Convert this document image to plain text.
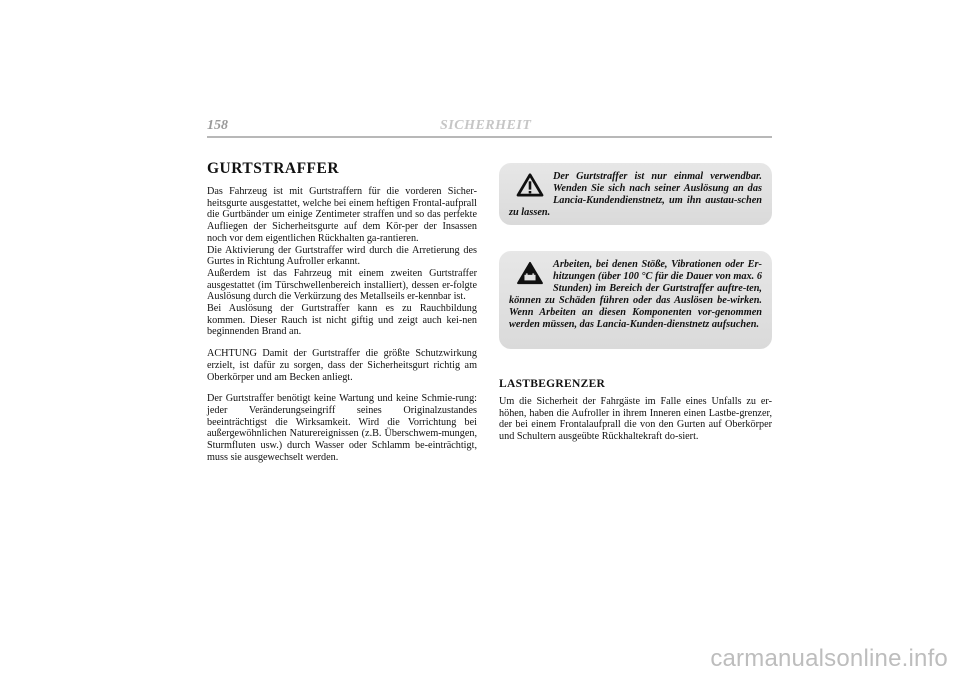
158	SICHERHEIT
GURTSTRAFFER

Das Fahrzeug ist mit Gurtstraffern für die vorderen Sicher-heitsgurte ausgestattet, welche bei einem heftigen Frontal-aufprall die Gurtbänder um einige Zentimeter straffen und so das perfekte Aufliegen der Sicherheitsgurte auf dem Kör-per der Insassen noch vor dem eigentlichen Rückhalten ga-rantieren.

Die Aktivierung der Gurtstraffer wird durch die Arretierung des Gurtes in Richtung Aufroller erkannt.

Außerdem ist das Fahrzeug mit einem zweiten Gurtstraffer ausgestattet (im Türschwellenbereich installiert), dessen er-folgte Auslösung durch die Verkürzung des Metallseils er-kennbar ist.

Bei Auslösung der Gurtstraffer kann es zu Rauchbildung kommen. Dieser Rauch ist nicht giftig und zeigt auch kei-nen beginnenden Brand an.

ACHTUNG Damit der Gurtstraffer die größte Schutzwirkung erzielt, ist dafür zu sorgen, dass der Sicherheitsgurt richtig am Oberkörper und am Becken anliegt.

Der Gurtstraffer benötigt keine Wartung und keine Schmie-rung: jeder Veränderungseingriff seines Originalzustandes beeinträchtigst die Wirksamkeit. Wird die Vorrichtung bei außergewöhnlichen Naturereignissen (z.B. Überschwem-mungen, Sturmfluten usw.) durch Wasser oder Schlamm be-einträchtigt, muss sie ausgewechselt werden.

Der Gurtstraffer ist nur einmal verwendbar. Wenden Sie sich nach seiner Auslösung an das Lancia-Kundendienstnetz, um ihn austau-schen zu lassen.

Arbeiten, bei denen Stöße, Vibrationen oder Er-hitzungen (über 100 °C für die Dauer von max. 6 Stunden) im Bereich der Gurtstraffer auftre-ten, können zu Schäden führen oder das Auslösen be-wirken. Wenn Arbeiten an diesen Komponenten vor-genommen werden müssen, das Lancia-Kunden-dienstnetz aufsuchen.

LASTBEGRENZER

Um die Sicherheit der Fahrgäste im Falle eines Unfalls zu er-höhen, haben die Aufroller in ihrem Inneren einen Lastbe-grenzer, der bei einem Frontalaufprall die von den Gurten auf Oberkörper und Schultern ausgeübte Rückhaltekraft do-siert.

carmanualsonline.info
